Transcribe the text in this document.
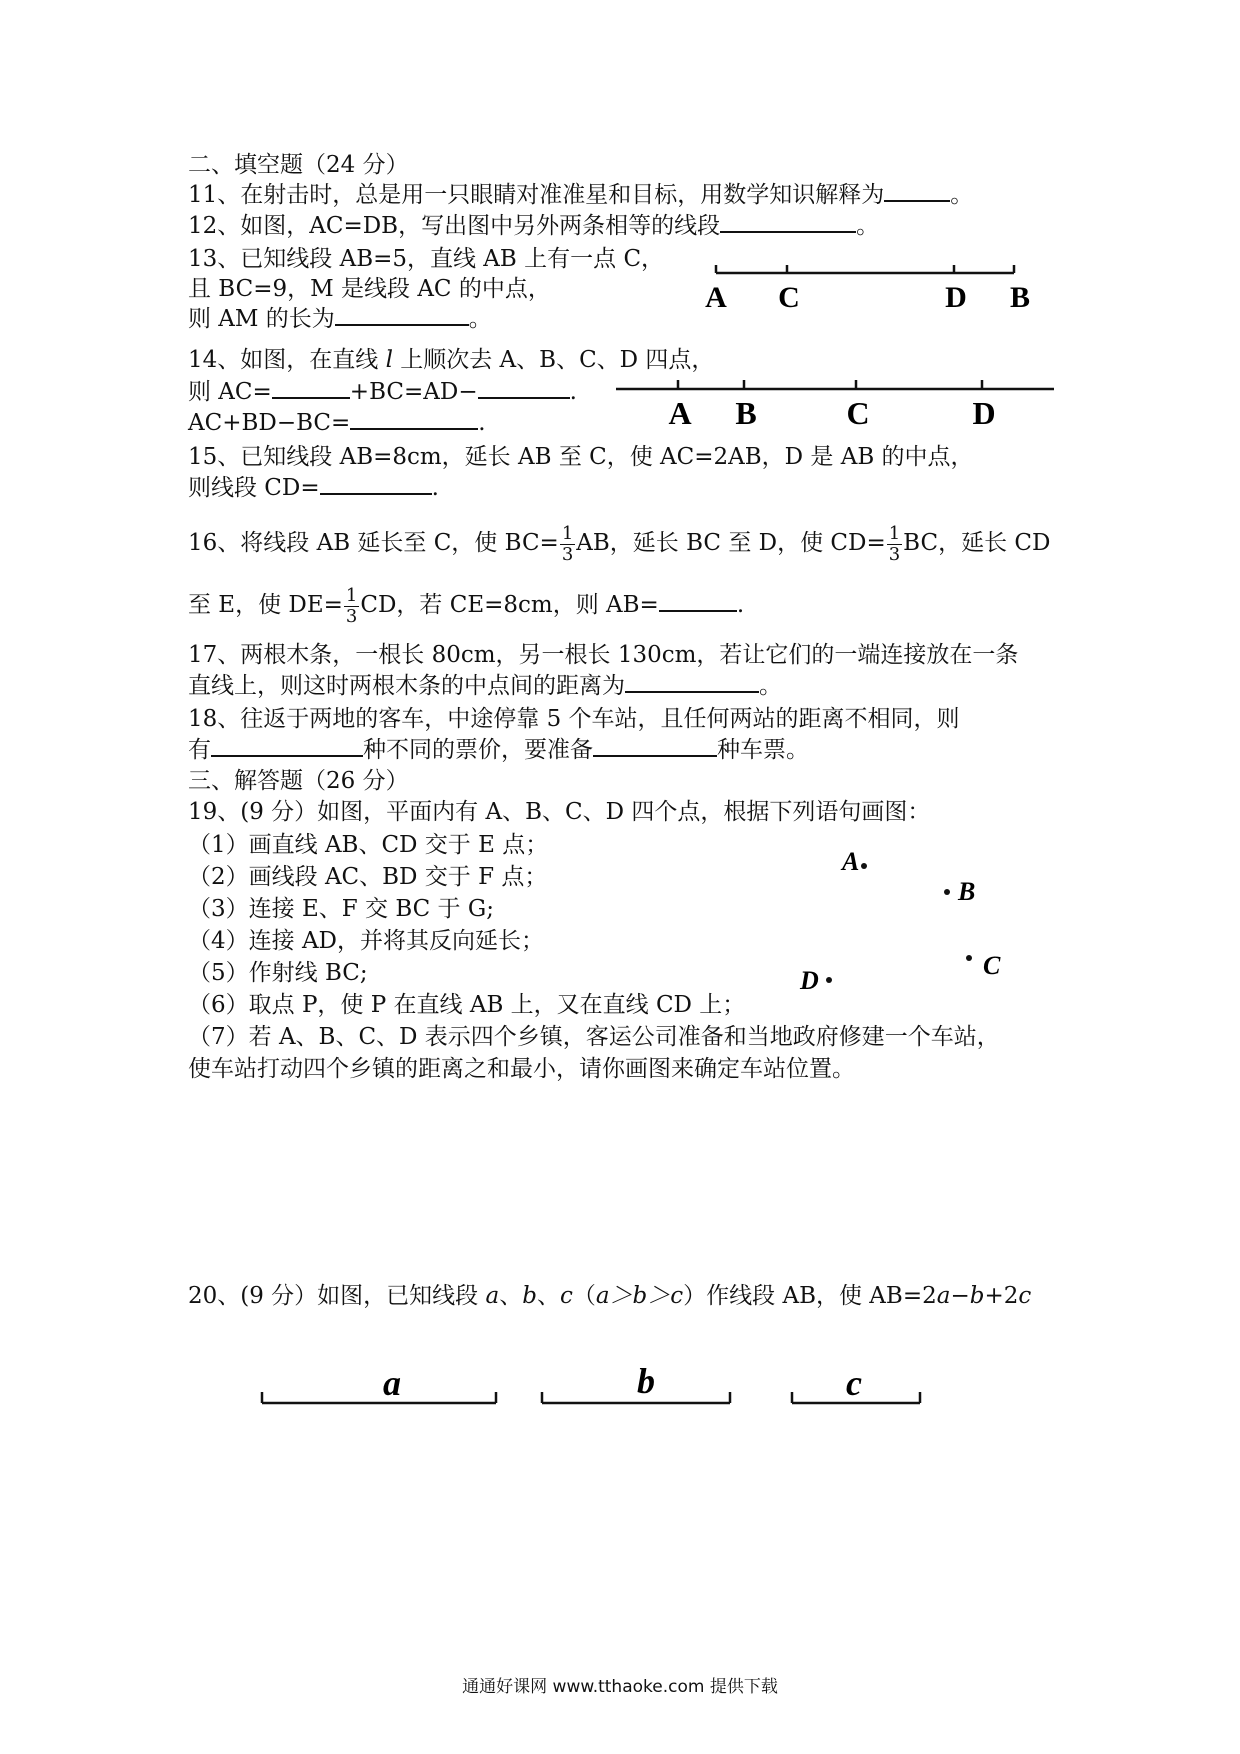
二、填空题（24 分）
11、在射击时，总是用一只眼睛对准准星和目标，用数学知识解释为	。
12、如图，AC=DB，写出图中另外两条相等的线段	。
13、已知线段 AB=5，直线 AB 上有一点 C，
且 BC=9，M 是线段 AC 的中点，
则 AM 的长为	。
A C	D B
14、如图，在直线 l 上顺次去 A、B、C、D 四点，
则 AC=	+BC=AD−	.
AC+BD−BC=	.	A B	C	D
15、已知线段 AB=8cm，延长 AB 至 C，使 AC=2AB，D 是 AB 的中点，
则线段 CD=	.
16、将线段 AB 延长至 C，使 $BC= \frac{1}{3}$ AB，延长 BC 至 D，使 $CD= \frac{1}{3}$ BC，延长 CD
至 E，使 $DE= \frac{1}{3}$ CD，若 CE=8cm，则 AB=	.
17、两根木条，一根长 80cm，另一根长 130cm，若让它们的一端连接放在一条
直线上，则这时两根木条的中点间的距离为	。
18、往返于两地的客车，中途停靠 5 个车站，且任何两站的距离不相同，则
有	种不同的票价，要准备	种车票。
三、解答题（26 分）
19、(9 分）如图，平面内有 A、B、C、D 四个点，根据下列语句画图：
（1）画直线 AB、CD 交于 E 点；
（2）画线段 AC、BD 交于 F 点；
（3）连接 E、F 交 BC 于 G;
（4）连接 AD，并将其反向延长；
（5）作射线 BC;
（6）取点 P，使 P 在直线 AB 上，又在直线 CD 上；
（7）若 A、B、C、D 表示四个乡镇，客运公司准备和当地政府修建一个车站，
使车站打动四个乡镇的距离之和最小，请你画图来确定车站位置。
A
B
C
D
20、(9 分）如图，已知线段 a、b、c（a＞b＞c）作线段 AB，使 AB=2a−b+2c
a	b	c
通通好课网 www.tthaoke.com 提供下载
